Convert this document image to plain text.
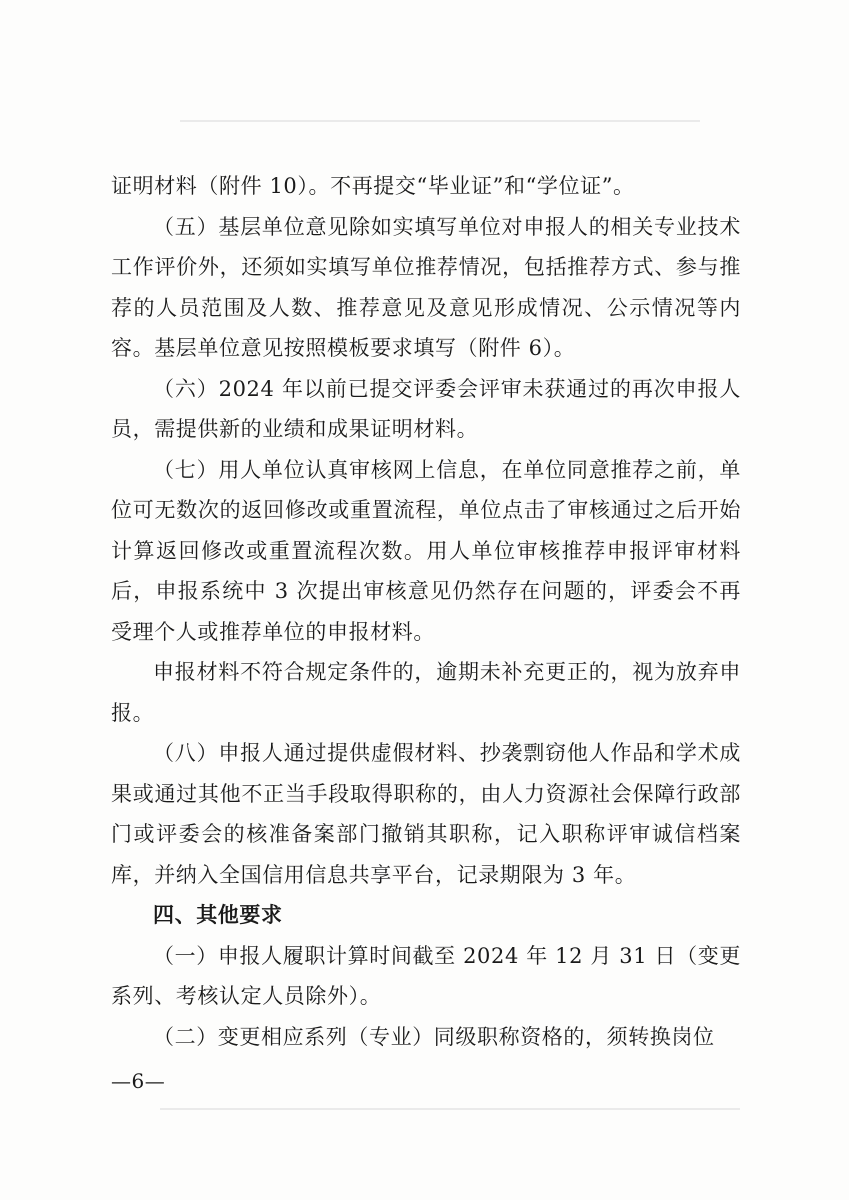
证明材料（附件 10）。不再提交“毕业证”和“学位证”。

（五）基层单位意见除如实填写单位对申报人的相关专业技术工作评价外，还须如实填写单位推荐情况，包括推荐方式、参与推荐的人员范围及人数、推荐意见及意见形成情况、公示情况等内容。基层单位意见按照模板要求填写（附件 6）。

（六）2024 年以前已提交评委会评审未获通过的再次申报人员，需提供新的业绩和成果证明材料。

（七）用人单位认真审核网上信息，在单位同意推荐之前，单位可无数次的返回修改或重置流程，单位点击了审核通过之后开始计算返回修改或重置流程次数。用人单位审核推荐申报评审材料后，申报系统中 3 次提出审核意见仍然存在问题的，评委会不再受理个人或推荐单位的申报材料。

申报材料不符合规定条件的，逾期未补充更正的，视为放弃申报。

（八）申报人通过提供虚假材料、抄袭剽窃他人作品和学术成果或通过其他不正当手段取得职称的，由人力资源社会保障行政部门或评委会的核准备案部门撤销其职称，记入职称评审诚信档案库，并纳入全国信用信息共享平台，记录期限为 3 年。

四、其他要求

（一）申报人履职计算时间截至 2024 年 12 月 31 日（变更系列、考核认定人员除外）。

（二）变更相应系列（专业）同级职称资格的，须转换岗位

—6—
